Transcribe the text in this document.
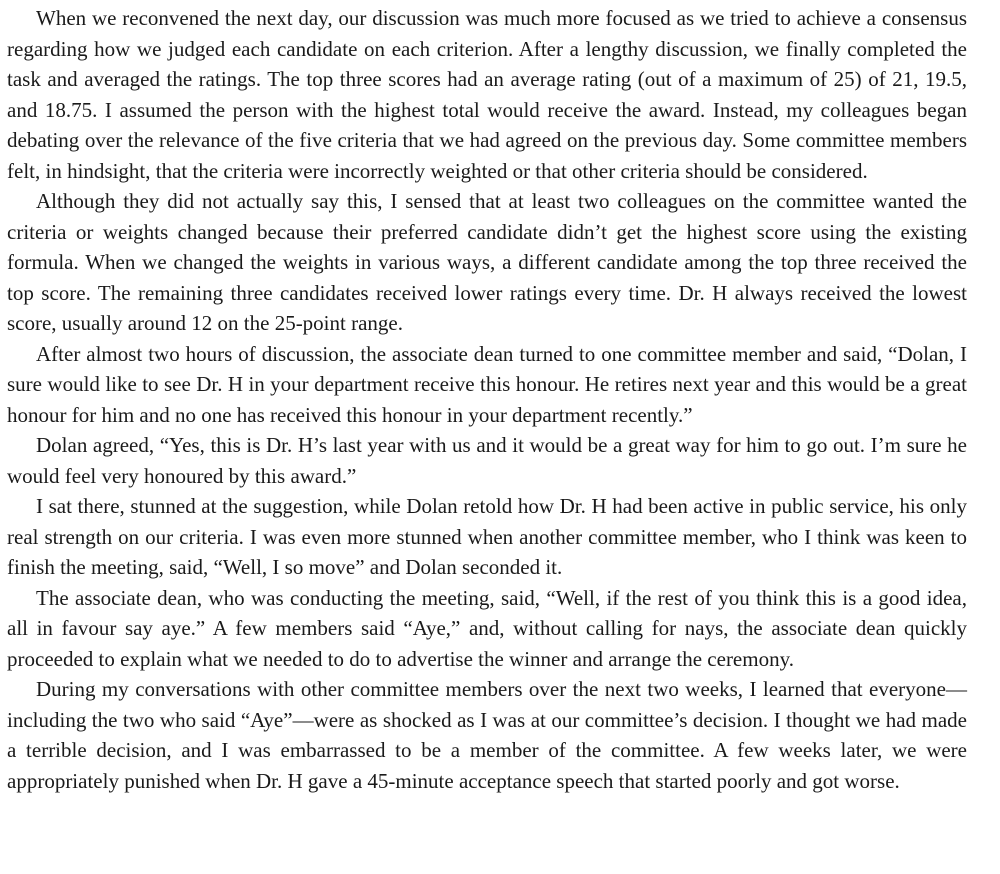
When we reconvened the next day, our discussion was much more focused as we tried to achieve a consensus regarding how we judged each candidate on each criterion. After a lengthy discussion, we finally completed the task and averaged the ratings. The top three scores had an average rating (out of a maximum of 25) of 21, 19.5, and 18.75. I assumed the person with the highest total would receive the award. Instead, my colleagues began debating over the relevance of the five criteria that we had agreed on the previous day. Some committee members felt, in hindsight, that the criteria were incorrectly weighted or that other criteria should be considered.

Although they did not actually say this, I sensed that at least two colleagues on the committee wanted the criteria or weights changed because their preferred candidate didn’t get the highest score using the existing formula. When we changed the weights in various ways, a different candidate among the top three received the top score. The remaining three candidates received lower ratings every time. Dr. H always received the lowest score, usually around 12 on the 25-point range.

After almost two hours of discussion, the associate dean turned to one committee member and said, “Dolan, I sure would like to see Dr. H in your department receive this honour. He retires next year and this would be a great honour for him and no one has received this honour in your department recently.”

Dolan agreed, “Yes, this is Dr. H’s last year with us and it would be a great way for him to go out. I’m sure he would feel very honoured by this award.”

I sat there, stunned at the suggestion, while Dolan retold how Dr. H had been active in public service, his only real strength on our criteria. I was even more stunned when another committee member, who I think was keen to finish the meeting, said, “Well, I so move” and Dolan seconded it.

The associate dean, who was conducting the meeting, said, “Well, if the rest of you think this is a good idea, all in favour say aye.” A few members said “Aye,” and, without calling for nays, the associate dean quickly proceeded to explain what we needed to do to advertise the winner and arrange the ceremony.

During my conversations with other committee members over the next two weeks, I learned that everyone—including the two who said “Aye”—were as shocked as I was at our committee’s decision. I thought we had made a terrible decision, and I was embarrassed to be a member of the committee. A few weeks later, we were appropriately punished when Dr. H gave a 45-minute acceptance speech that started poorly and got worse.
